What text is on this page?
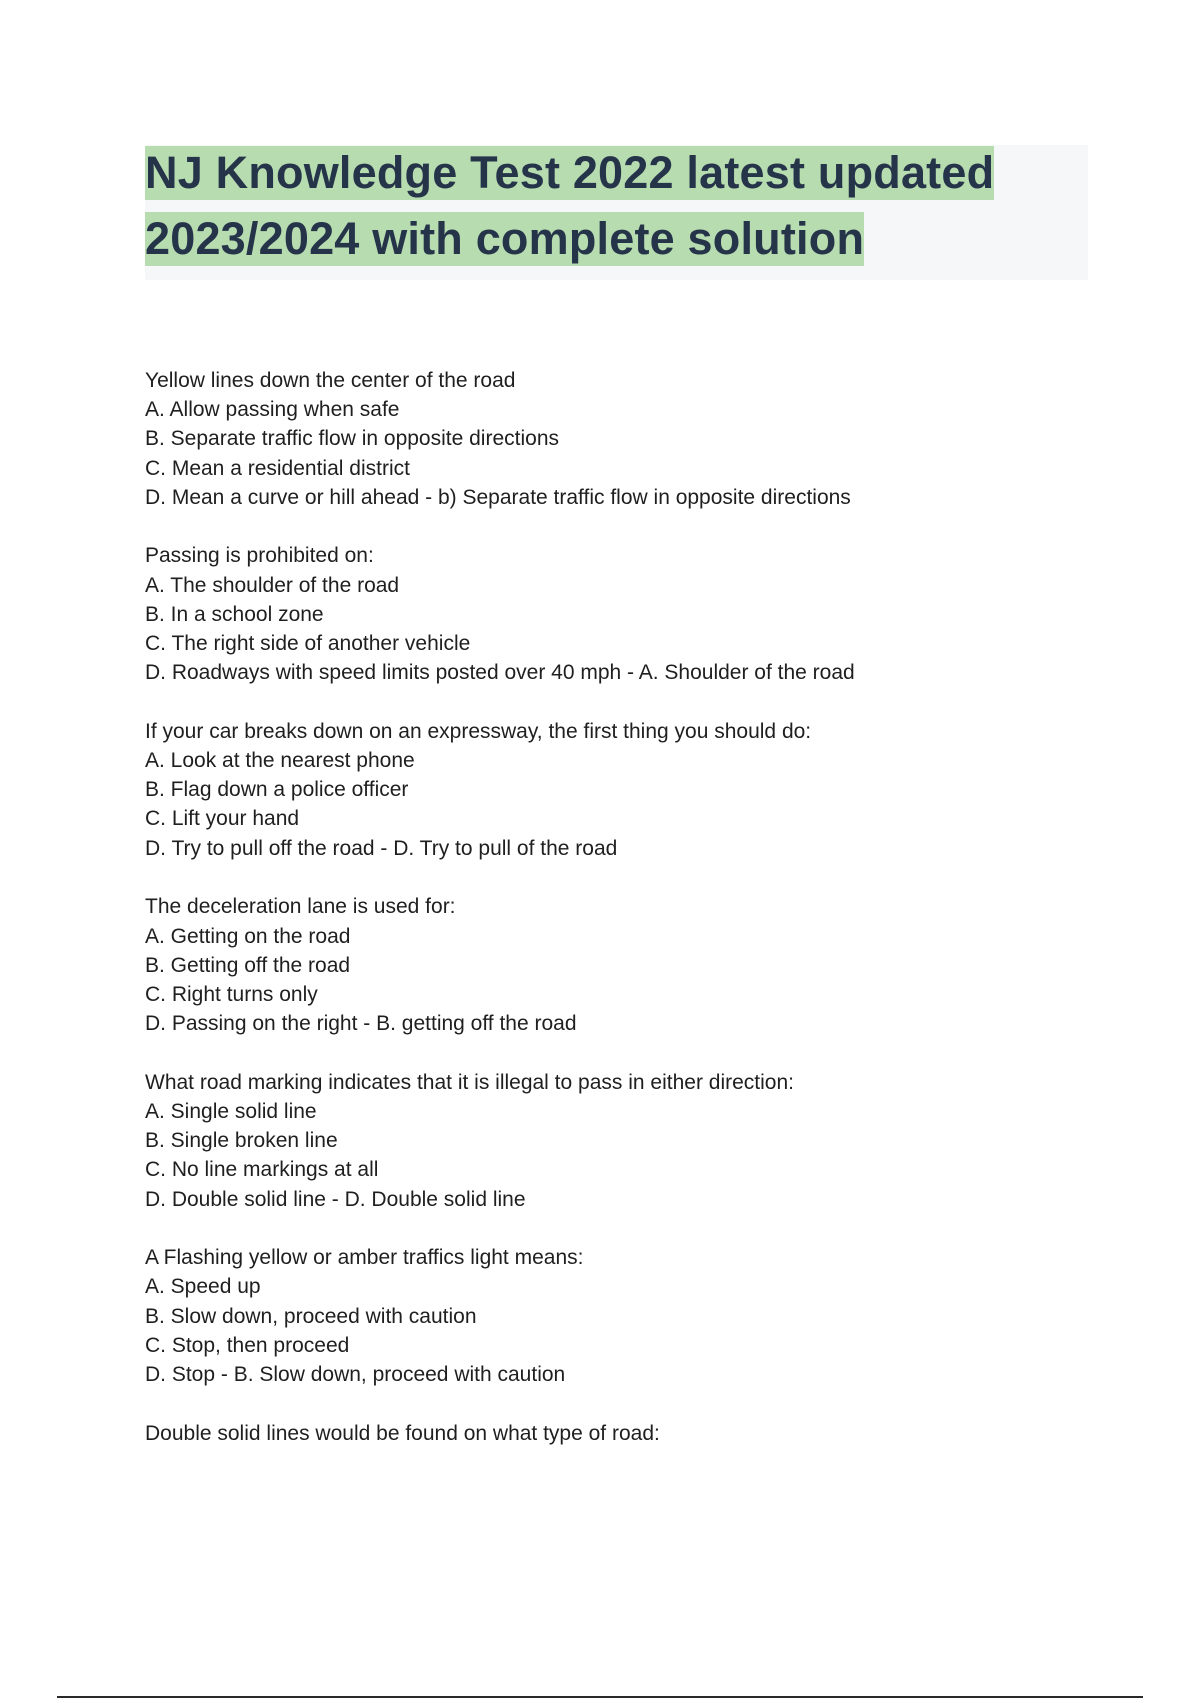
NJ Knowledge Test 2022 latest updated
2023/2024 with complete solution
Yellow lines down the center of the road
A. Allow passing when safe
B. Separate traffic flow in opposite directions
C. Mean a residential district
D. Mean a curve or hill ahead - b) Separate traffic flow in opposite directions
Passing is prohibited on:
A. The shoulder of the road
B. In a school zone
C. The right side of another vehicle
D. Roadways with speed limits posted over 40 mph - A. Shoulder of the road
If your car breaks down on an expressway, the first thing you should do:
A. Look at the nearest phone
B. Flag down a police officer
C. Lift your hand
D. Try to pull off the road - D. Try to pull of the road
The deceleration lane is used for:
A. Getting on the road
B. Getting off the road
C. Right turns only
D. Passing on the right - B. getting off the road
What road marking indicates that it is illegal to pass in either direction:
A. Single solid line
B. Single broken line
C. No line markings at all
D. Double solid line - D. Double solid line
A Flashing yellow or amber traffics light means:
A. Speed up
B. Slow down, proceed with caution
C. Stop, then proceed
D. Stop - B. Slow down, proceed with caution
Double solid lines would be found on what type of road:
